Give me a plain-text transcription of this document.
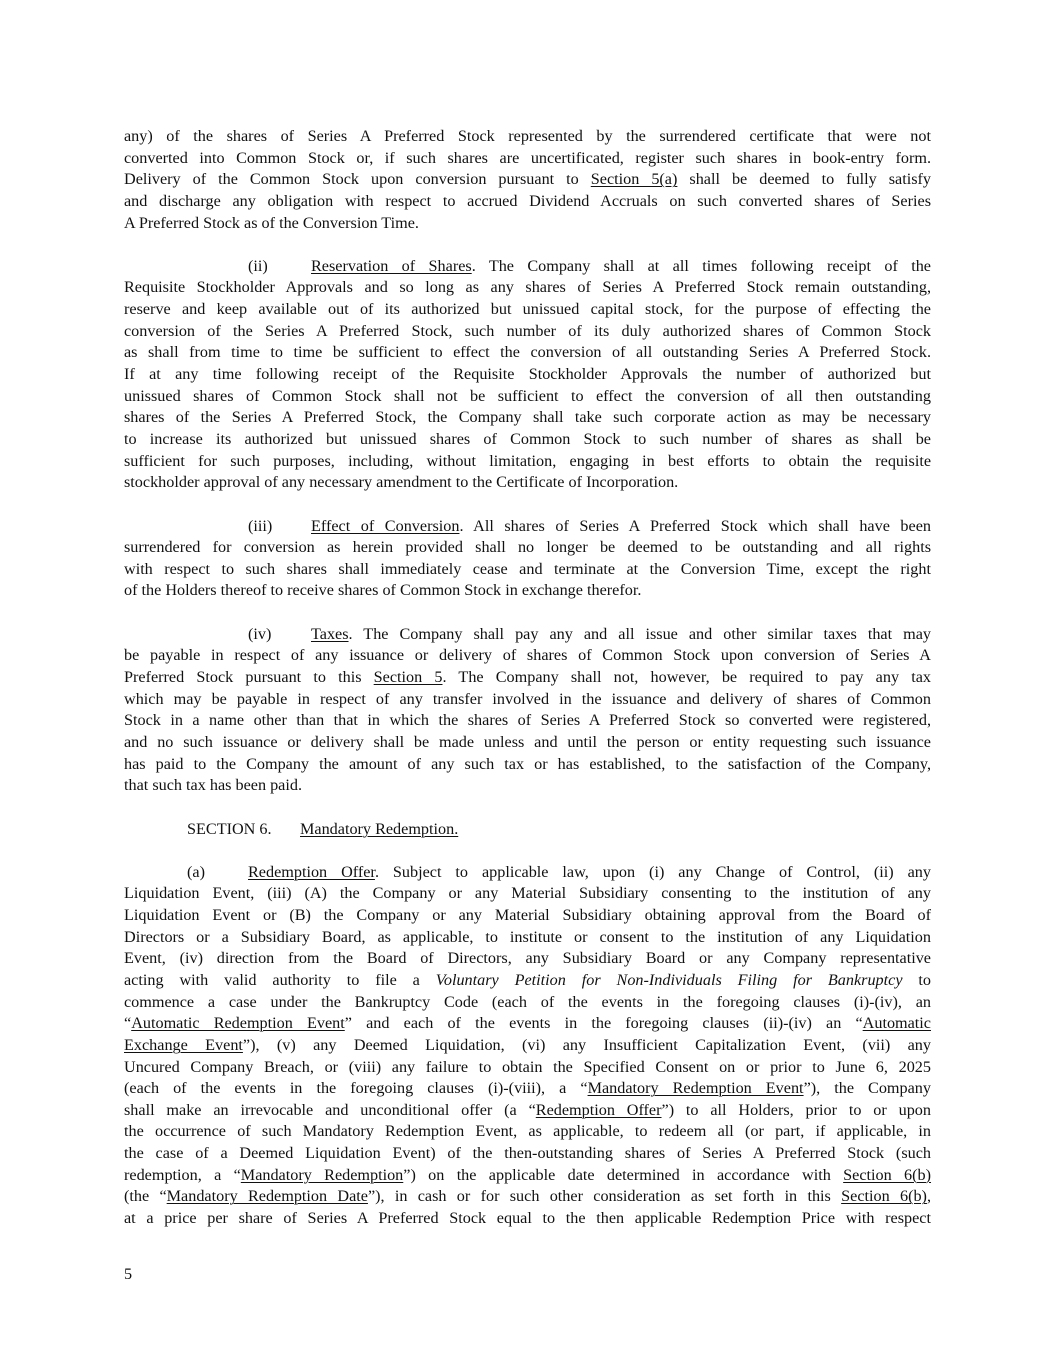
any) of the shares of Series A Preferred Stock represented by the surrendered certificate that were not
converted into Common Stock or, if such shares are uncertificated, register such shares in book-entry form.
Delivery of the Common Stock upon conversion pursuant to Section 5(a) shall be deemed to fully satisfy
and discharge any obligation with respect to accrued Dividend Accruals on such converted shares of Series
A Preferred Stock as of the Conversion Time.
(ii)	Reservation of Shares. The Company shall at all times following receipt of the
Requisite Stockholder Approvals and so long as any shares of Series A Preferred Stock remain outstanding,
reserve and keep available out of its authorized but unissued capital stock, for the purpose of effecting the
conversion of the Series A Preferred Stock, such number of its duly authorized shares of Common Stock
as shall from time to time be sufficient to effect the conversion of all outstanding Series A Preferred Stock.
If at any time following receipt of the Requisite Stockholder Approvals the number of authorized but
unissued shares of Common Stock shall not be sufficient to effect the conversion of all then outstanding
shares of the Series A Preferred Stock, the Company shall take such corporate action as may be necessary
to increase its authorized but unissued shares of Common Stock to such number of shares as shall be
sufficient for such purposes, including, without limitation, engaging in best efforts to obtain the requisite
stockholder approval of any necessary amendment to the Certificate of Incorporation.
(iii) Effect of Conversion. All shares of Series A Preferred Stock which shall have been
surrendered for conversion as herein provided shall no longer be deemed to be outstanding and all rights
with respect to such shares shall immediately cease and terminate at the Conversion Time, except the right
of the Holders thereof to receive shares of Common Stock in exchange therefor.
(iv) Taxes. The Company shall pay any and all issue and other similar taxes that may
be payable in respect of any issuance or delivery of shares of Common Stock upon conversion of Series A
Preferred Stock pursuant to this Section 5. The Company shall not, however, be required to pay any tax
which may be payable in respect of any transfer involved in the issuance and delivery of shares of Common
Stock in a name other than that in which the shares of Series A Preferred Stock so converted were registered,
and no such issuance or delivery shall be made unless and until the person or entity requesting such issuance
has paid to the Company the amount of any such tax or has established, to the satisfaction of the Company,
that such tax has been paid.
SECTION 6. Mandatory Redemption.
(a)	Redemption Offer. Subject to applicable law, upon (i) any Change of Control, (ii) any
Liquidation Event, (iii) (A) the Company or any Material Subsidiary consenting to the institution of any
Liquidation Event or (B) the Company or any Material Subsidiary obtaining approval from the Board of
Directors or a Subsidiary Board, as applicable, to institute or consent to the institution of any Liquidation
Event, (iv) direction from the Board of Directors, any Subsidiary Board or any Company representative
acting with valid authority to file a Voluntary Petition for Non-Individuals Filing for Bankruptcy to
commence a case under the Bankruptcy Code (each of the events in the foregoing clauses (i)-(iv), an
“Automatic Redemption Event” and each of the events in the foregoing clauses (ii)-(iv) an “Automatic
Exchange Event”), (v) any Deemed Liquidation, (vi) any Insufficient Capitalization Event, (vii) any
Uncured Company Breach, or (viii) any failure to obtain the Specified Consent on or prior to June 6, 2025
(each of the events in the foregoing clauses (i)-(viii), a “Mandatory Redemption Event”), the Company
shall make an irrevocable and unconditional offer (a “Redemption Offer”) to all Holders, prior to or upon
the occurrence of such Mandatory Redemption Event, as applicable, to redeem all (or part, if applicable, in
the case of a Deemed Liquidation Event) of the then-outstanding shares of Series A Preferred Stock (such
redemption, a “Mandatory Redemption”) on the applicable date determined in accordance with Section 6(b)
(the “Mandatory Redemption Date”), in cash or for such other consideration as set forth in this Section 6(b),
at a price per share of Series A Preferred Stock equal to the then applicable Redemption Price with respect
5
